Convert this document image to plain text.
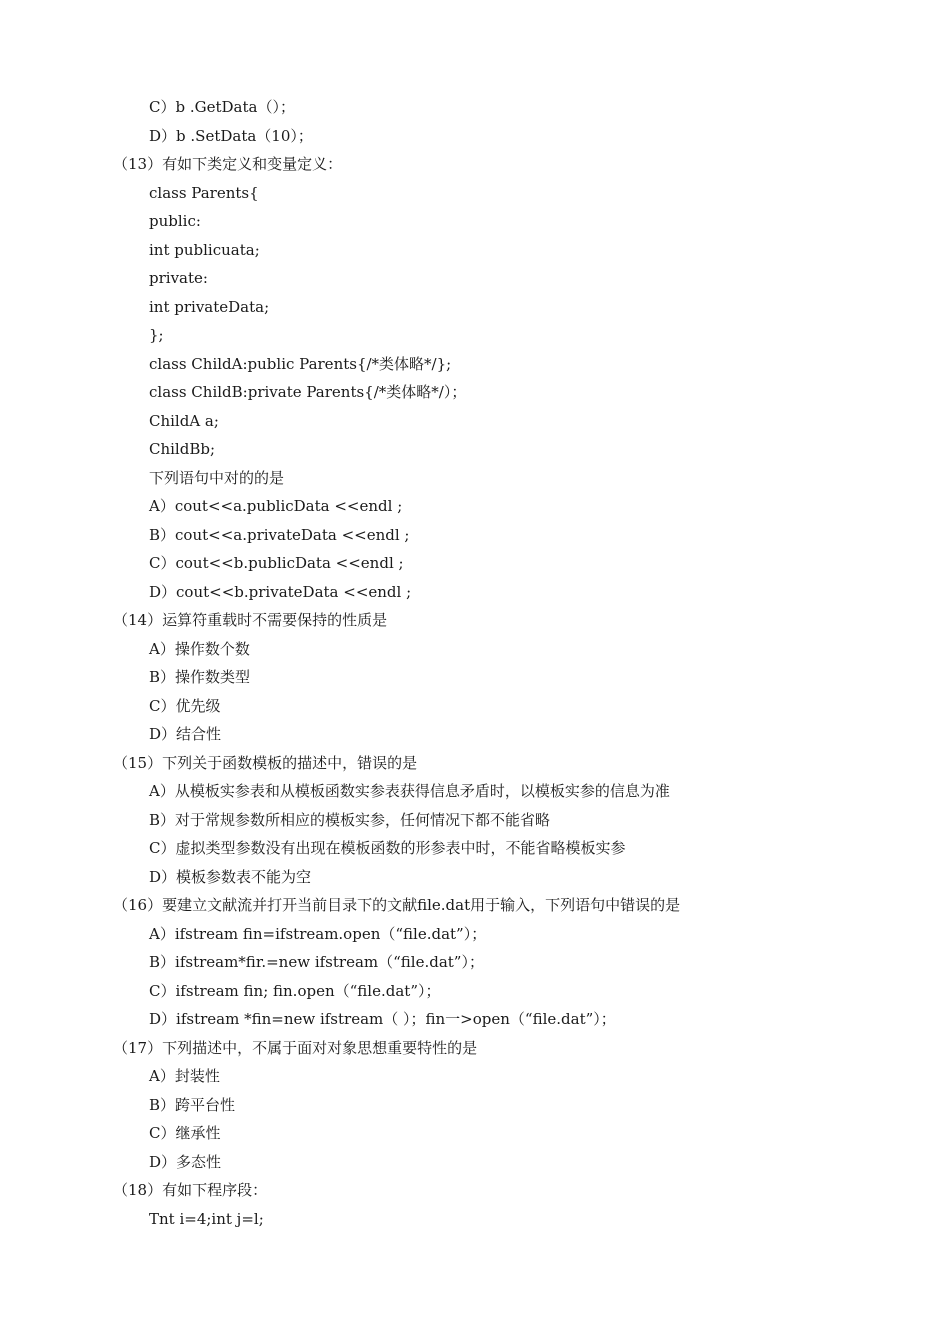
C）b .GetData（）；
D）b .SetData（10）；
（13）有如下类定义和变量定义：
class Parents{
public:
int publicuata;
private:
int privateData;
};
class ChildA:public Parents{/*类体略*/};
class ChildB:private Parents{/*类体略*/）；
ChildA a;
ChildBb;
下列语句中对的的是
A）cout<<a.publicData <<endl ;
B）cout<<a.privateData <<endl ;
C）cout<<b.publicData <<endl ;
D）cout<<b.privateData <<endl ;
（14）运算符重载时不需要保持的性质是
A）操作数个数
B）操作数类型
C）优先级
D）结合性
（15）下列关于函数模板的描述中，错误的是
A）从模板实参表和从模板函数实参表获得信息矛盾时，以模板实参的信息为准
B）对于常规参数所相应的模板实参，任何情况下都不能省略
C）虚拟类型参数没有出现在模板函数的形参表中时，不能省略模板实参
D）模板参数表不能为空
（16）要建立文献流并打开当前目录下的文献file.dat用于输入，下列语句中错误的是
A）ifstream fin=ifstream.open（“file.dat”）；
B）ifstream*fir.=new ifstream（“file.dat”）；
C）ifstream fin; fin.open（“file.dat”）；
D）ifstream *fin=new ifstream（ ）；fin一>open（“file.dat”）；
（17）下列描述中，不属于面对对象思想重要特性的是
A）封装性
B）跨平台性
C）继承性
D）多态性
（18）有如下程序段：
Tnt i=4;int j=l;
